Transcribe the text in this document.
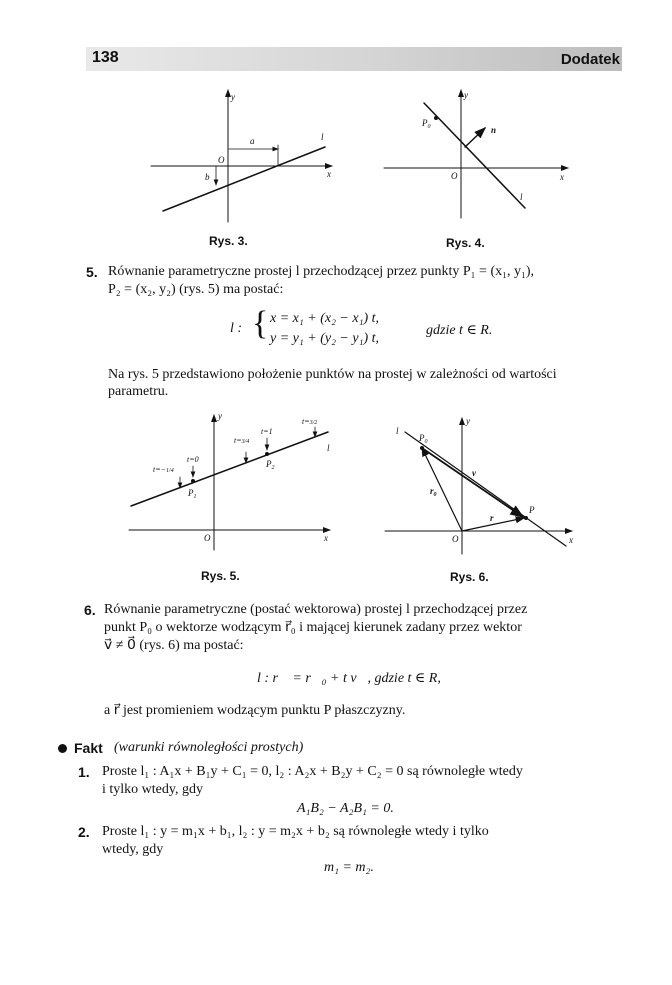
138	Dodatek
y
x
O
a
b
l
y
x
O
$P_0$	n
l
y
x
O
l
t=−1/4
t=0
t=3/4
t=1
t=3/2
$P_1$
$P_2$
y
x
O
l
$P_0$
P
v
$r_0$
r
Rys. 3.	Rys. 4.
Rys. 5.	Rys. 6.
5. Równanie parametryczne prostej l przechodzącej przez punkty P₁ = (x₁, y₁),
P₂ = (x₂, y₂) (rys. 5) ma postać:
l : { x = x₁ + (x₂ − x₁) t,
y = y₁ + (y₂ − y₁) t,
gdzie t ∈ R.
Na rys. 5 przedstawiono położenie punktów na prostej w zależności od wartości
parametru.
6. Równanie parametryczne (postać wektorowa) prostej l przechodzącej przez
punkt P₀ o wektorze wodzącym r⃗₀ i mającej kierunek zadany przez wektor
v⃗ ≠ 0⃗ (rys. 6) ma postać:
l : r⃗ = r⃗₀ + t v⃗, gdzie t ∈ R,
a r⃗ jest promieniem wodzącym punktu P płaszczyzny.
Fakt (warunki równoległości prostych)
1. Proste l₁ : A₁x + B₁y + C₁ = 0, l₂ : A₂x + B₂y + C₂ = 0 są równoległe wtedy
i tylko wtedy, gdy
A₁B₂ − A₂B₁ = 0.
2. Proste l₁ : y = m₁x + b₁, l₂ : y = m₂x + b₂ są równoległe wtedy i tylko
wtedy, gdy
m₁ = m₂.
